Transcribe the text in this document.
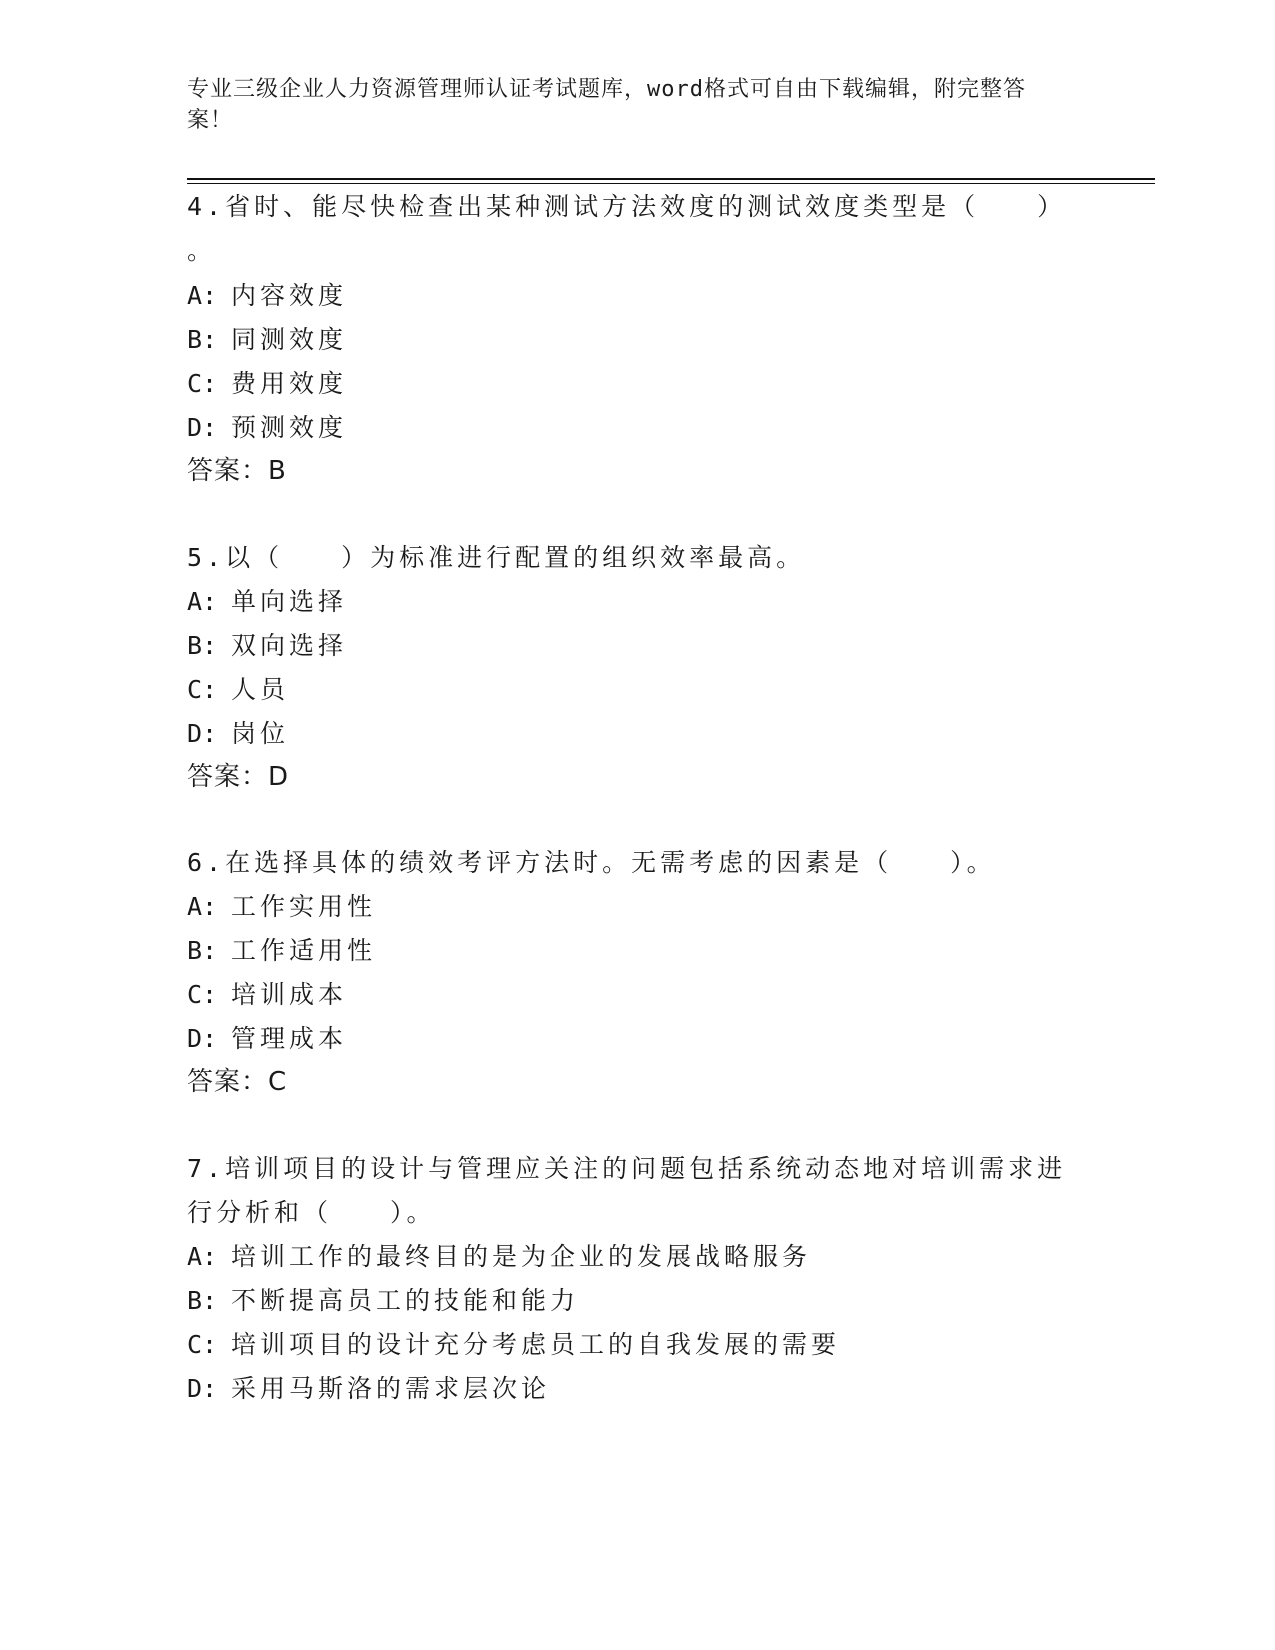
专业三级企业人力资源管理师认证考试题库，word格式可自由下载编辑，附完整答案！
4.省时、能尽快检查出某种测试方法效度的测试效度类型是（　　）
。
A: 内容效度
B: 同测效度
C: 费用效度
D: 预测效度
答案：B
5.以（　　）为标准进行配置的组织效率最高。
A: 单向选择
B: 双向选择
C: 人员
D: 岗位
答案：D
6.在选择具体的绩效考评方法时。无需考虑的因素是（　　）。
A: 工作实用性
B: 工作适用性
C: 培训成本
D: 管理成本
答案：C
7.培训项目的设计与管理应关注的问题包括系统动态地对培训需求进
行分析和（　　）。
A: 培训工作的最终目的是为企业的发展战略服务
B: 不断提高员工的技能和能力
C: 培训项目的设计充分考虑员工的自我发展的需要
D: 采用马斯洛的需求层次论
